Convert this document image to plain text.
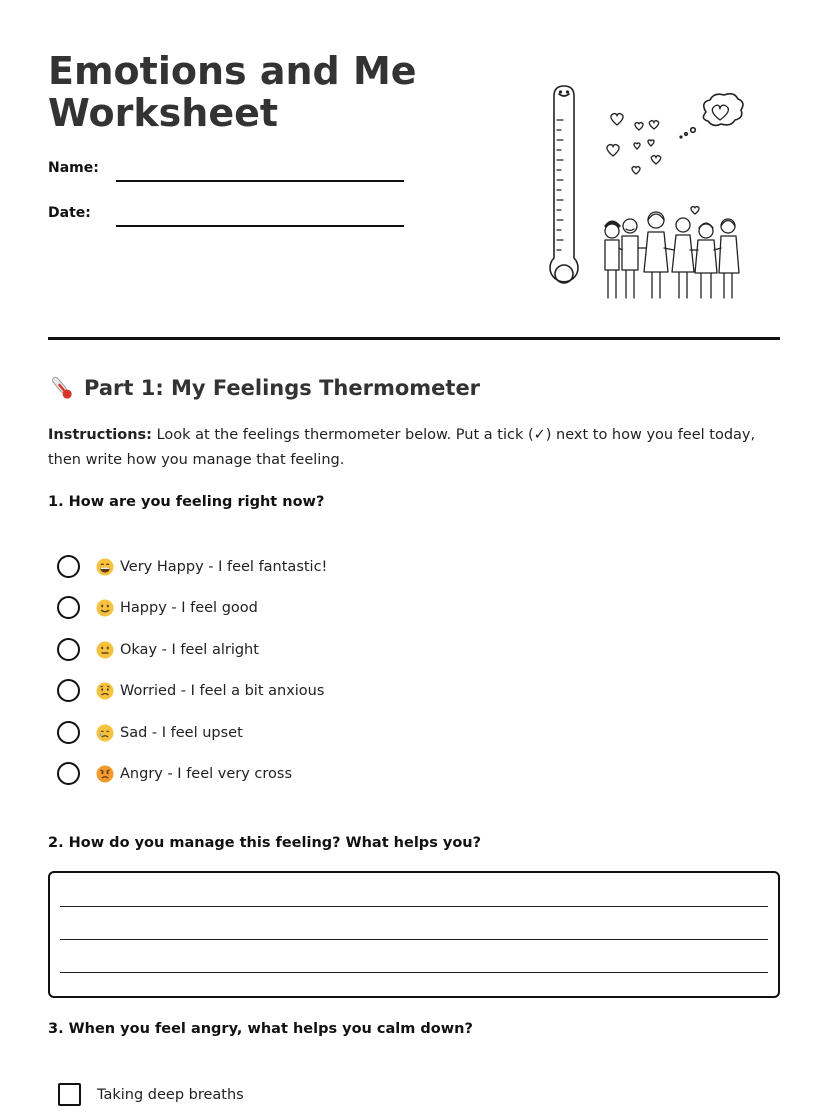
Emotions and Me
Worksheet
Name:
Date:
Part 1: My Feelings Thermometer
Instructions: Look at the feelings thermometer below. Put a tick (✓) next to how you feel today, then write how you manage that feeling.
1. How are you feeling right now?
Very Happy - I feel fantastic!
Happy - I feel good
Okay - I feel alright
Worried - I feel a bit anxious
Sad - I feel upset
Angry - I feel very cross
2. How do you manage this feeling? What helps you?
3. When you feel angry, what helps you calm down?
Taking deep breaths
